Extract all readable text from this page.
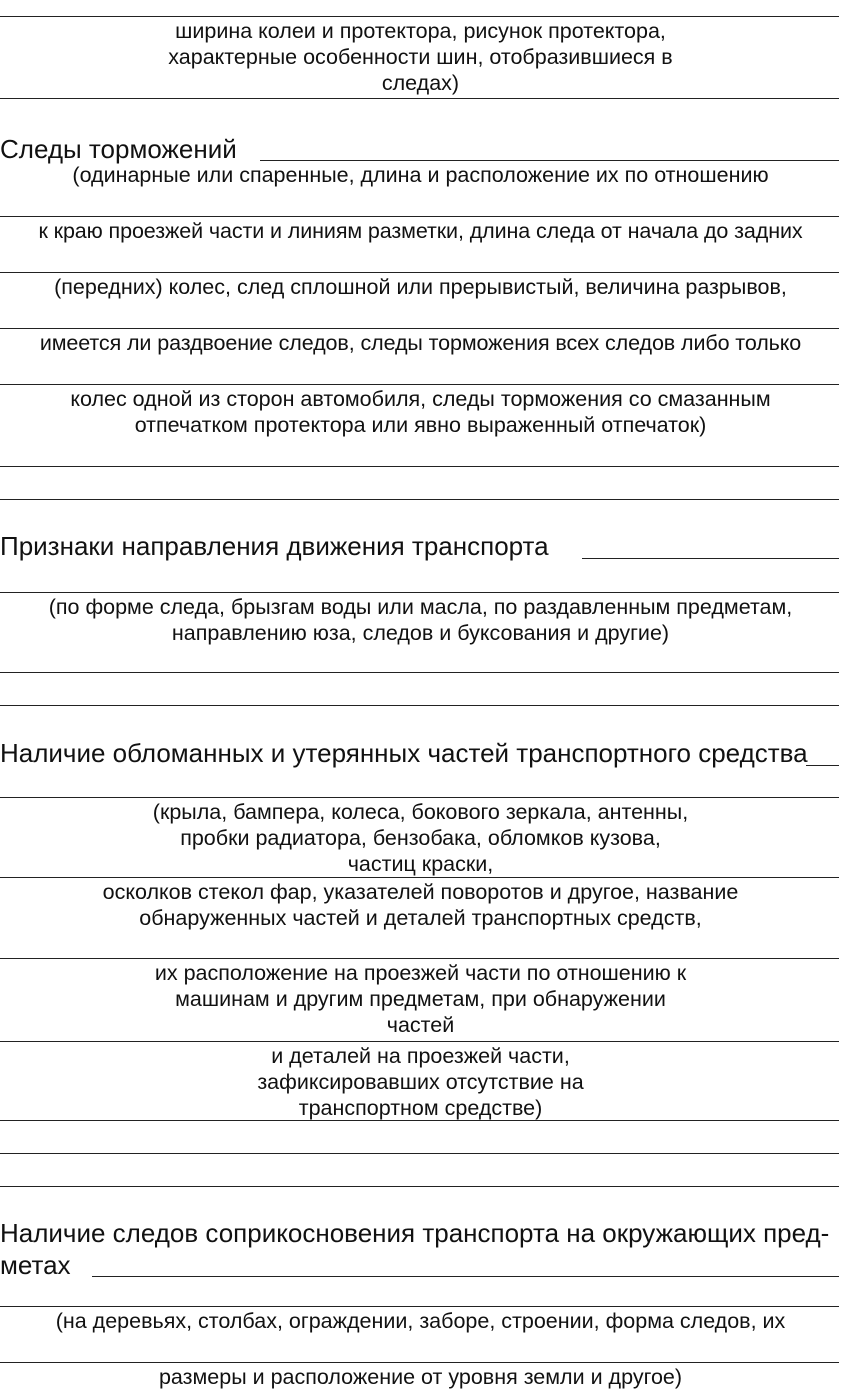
ширина колеи и протектора, рисунок протектора, характерные особенности шин, отобразившиеся в следах)
Следы торможений
(одинарные или спаренные, длина и расположение их по отношению
к краю проезжей части и линиям разметки, длина следа от начала до задних
(передних) колес, след сплошной или прерывистый, величина разрывов,
имеется ли раздвоение следов, следы торможения всех следов либо только
колес одной из сторон автомобиля, следы торможения со смазанным отпечатком протектора или явно выраженный отпечаток)
Признаки направления движения транспорта
(по форме следа, брызгам воды или масла, по раздавленным предметам, направлению юза, следов и буксования и другие)
Наличие обломанных и утерянных частей транспортного средства
(крыла, бампера, колеса, бокового зеркала, антенны, пробки радиатора, бензобака, обломков кузова, частиц краски,
осколков стекол фар, указателей поворотов и другое, название обнаруженных частей и деталей транспортных средств,
их расположение на проезжей части по отношению к машинам и другим предметам, при обнаружении частей
и деталей на проезжей части, зафиксировавших отсутствие на транспортном средстве)
Наличие следов соприкосновения транспорта на окружающих пред-
метах
(на деревьях, столбах, ограждении, заборе, строении, форма следов, их
размеры и расположение от уровня земли и другое)
